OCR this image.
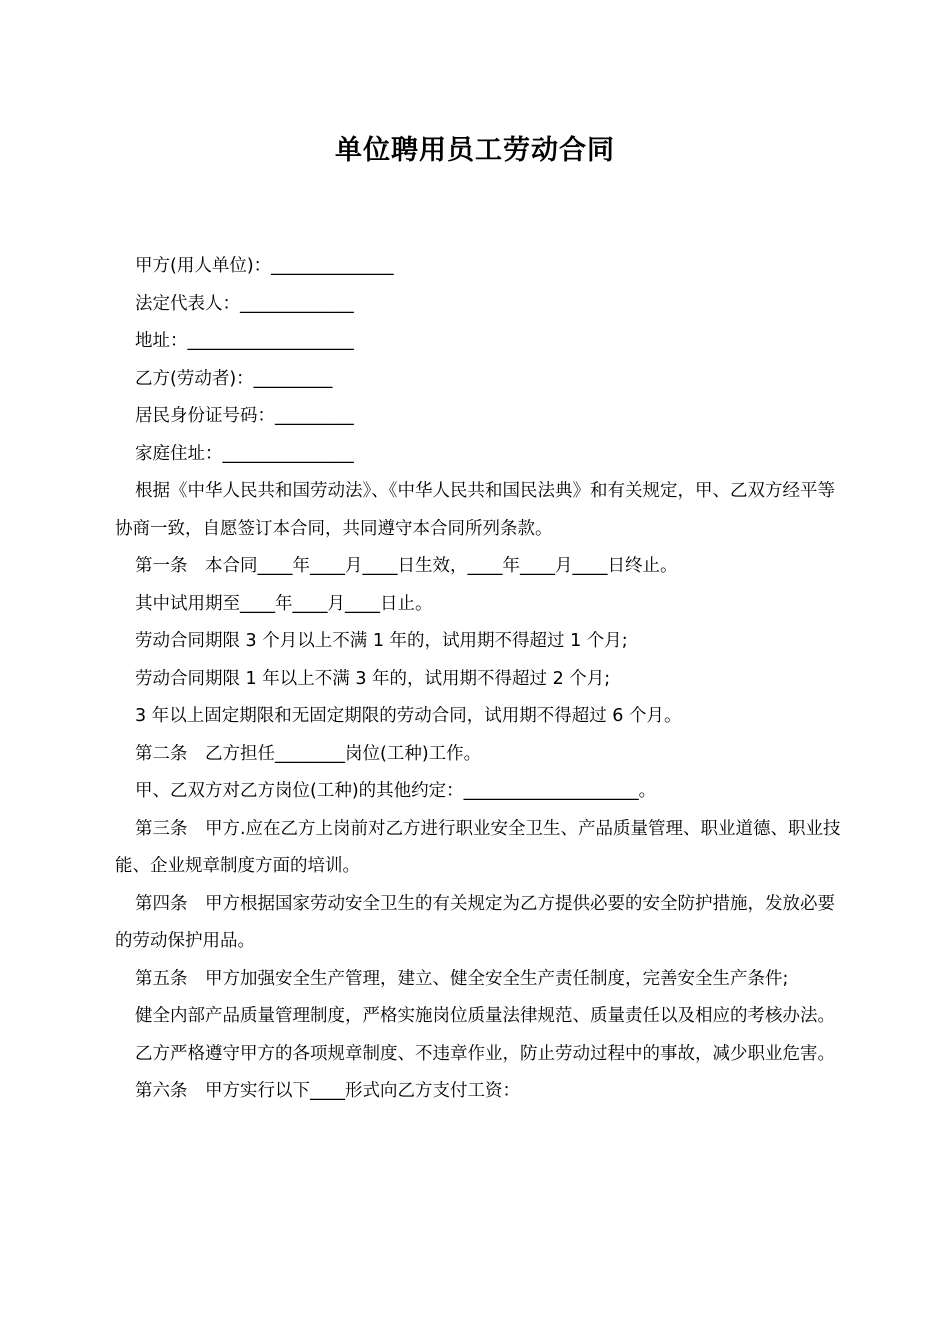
单位聘用员工劳动合同

甲方(用人单位)：______________

法定代表人：_____________

地址：___________________

乙方(劳动者)：_________

居民身份证号码：_________

家庭住址：_______________

根据《中华人民共和国劳动法》、《中华人民共和国民法典》和有关规定，甲、乙双方经平等协商一致，自愿签订本合同，共同遵守本合同所列条款。

第一条　本合同____年____月____日生效，____年____月____日终止。

其中试用期至____年____月____日止。

劳动合同期限 3 个月以上不满 1 年的，试用期不得超过 1 个月;

劳动合同期限 1 年以上不满 3 年的，试用期不得超过 2 个月;

3 年以上固定期限和无固定期限的劳动合同，试用期不得超过 6 个月。

第二条　乙方担任________岗位(工种)工作。

甲、乙双方对乙方岗位(工种)的其他约定：____________________。

第三条　甲方.应在乙方上岗前对乙方进行职业安全卫生、产品质量管理、职业道德、职业技能、企业规章制度方面的培训。

第四条　甲方根据国家劳动安全卫生的有关规定为乙方提供必要的安全防护措施，发放必要的劳动保护用品。

第五条　甲方加强安全生产管理，建立、健全安全生产责任制度，完善安全生产条件;

健全内部产品质量管理制度，严格实施岗位质量法律规范、质量责任以及相应的考核办法。

乙方严格遵守甲方的各项规章制度、不违章作业，防止劳动过程中的事故，减少职业危害。

第六条　甲方实行以下____形式向乙方支付工资：
